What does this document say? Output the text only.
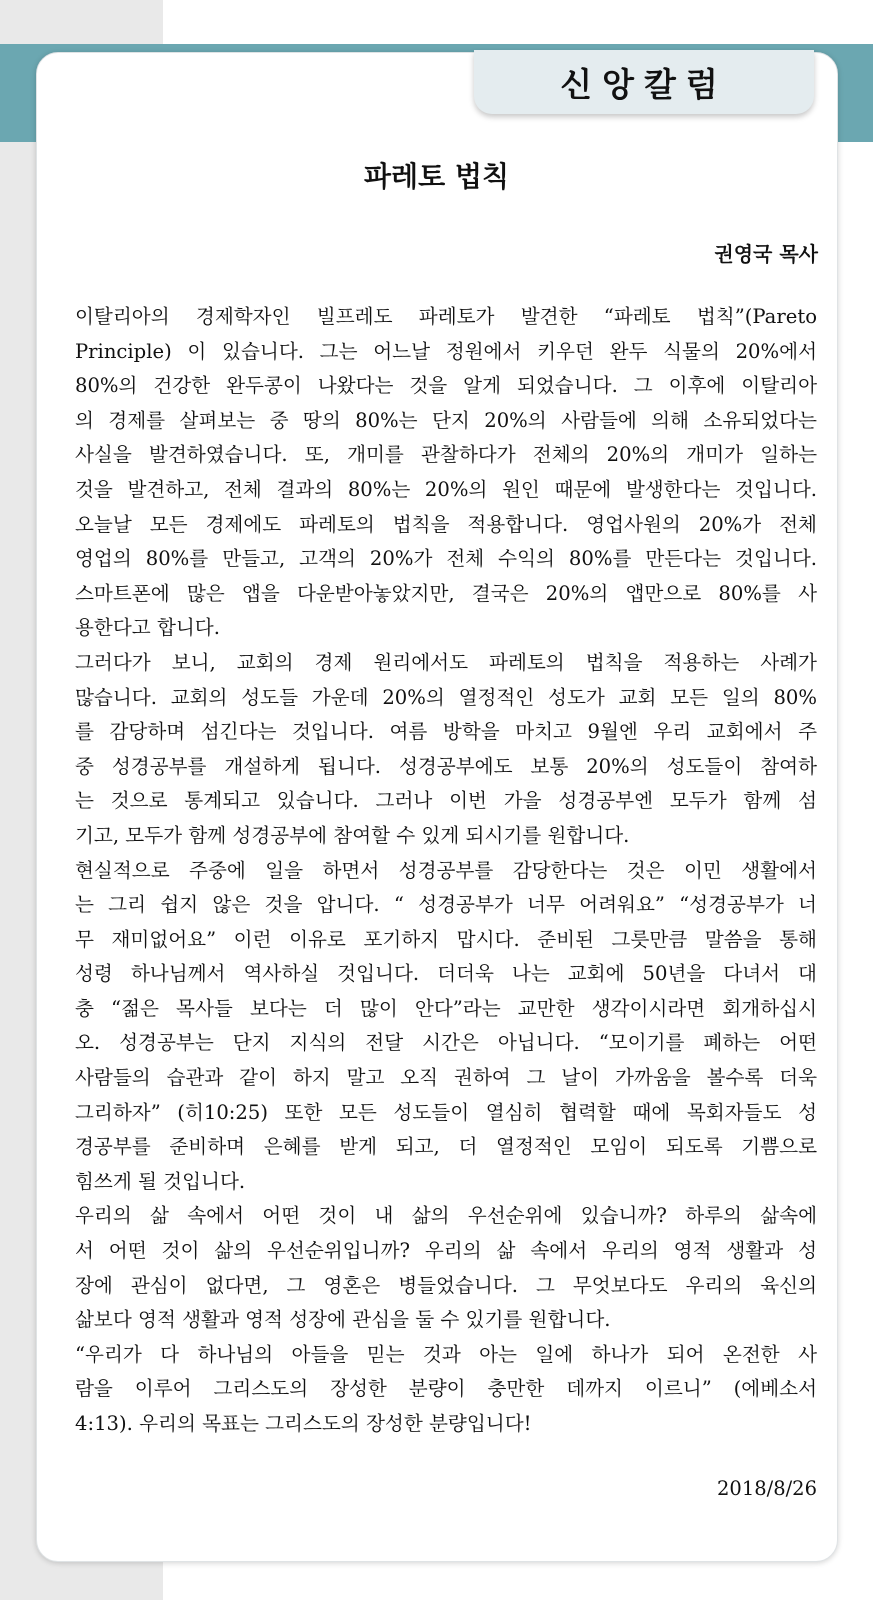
신앙칼럼
파레토 법칙
권영국 목사
이탈리아의 경제학자인 빌프레도 파레토가 발견한 “파레토 법칙”(Pareto
Principle) 이 있습니다. 그는 어느날 정원에서 키우던 완두 식물의 20%에서
80%의 건강한 완두콩이 나왔다는 것을 알게 되었습니다. 그 이후에 이탈리아
의 경제를 살펴보는 중 땅의 80%는 단지 20%의 사람들에 의해 소유되었다는
사실을 발견하였습니다. 또, 개미를 관찰하다가 전체의 20%의 개미가 일하는
것을 발견하고, 전체 결과의 80%는 20%의 원인 때문에 발생한다는 것입니다.
오늘날 모든 경제에도 파레토의 법칙을 적용합니다. 영업사원의 20%가 전체
영업의 80%를 만들고, 고객의 20%가 전체 수익의 80%를 만든다는 것입니다.
스마트폰에 많은 앱을 다운받아놓았지만, 결국은 20%의 앱만으로 80%를 사
용한다고 합니다.
그러다가 보니, 교회의 경제 원리에서도 파레토의 법칙을 적용하는 사례가
많습니다. 교회의 성도들 가운데 20%의 열정적인 성도가 교회 모든 일의 80%
를 감당하며 섬긴다는 것입니다. 여름 방학을 마치고 9월엔 우리 교회에서 주
중 성경공부를 개설하게 됩니다. 성경공부에도 보통 20%의 성도들이 참여하
는 것으로 통계되고 있습니다. 그러나 이번 가을 성경공부엔 모두가 함께 섬
기고, 모두가 함께 성경공부에 참여할 수 있게 되시기를 원합니다.
현실적으로 주중에 일을 하면서 성경공부를 감당한다는 것은 이민 생활에서
는 그리 쉽지 않은 것을 압니다. “ 성경공부가 너무 어려워요” “성경공부가 너
무 재미없어요” 이런 이유로 포기하지 맙시다. 준비된 그릇만큼 말씀을 통해
성령 하나님께서 역사하실 것입니다. 더더욱 나는 교회에 50년을 다녀서 대
충 “젊은 목사들 보다는 더 많이 안다”라는 교만한 생각이시라면 회개하십시
오. 성경공부는 단지 지식의 전달 시간은 아닙니다. “모이기를 폐하는 어떤
사람들의 습관과 같이 하지 말고 오직 권하여 그 날이 가까움을 볼수록 더욱
그리하자” (히10:25) 또한 모든 성도들이 열심히 협력할 때에 목회자들도 성
경공부를 준비하며 은혜를 받게 되고, 더 열정적인 모임이 되도록 기쁨으로
힘쓰게 될 것입니다.
우리의 삶 속에서 어떤 것이 내 삶의 우선순위에 있습니까? 하루의 삶속에
서 어떤 것이 삶의 우선순위입니까? 우리의 삶 속에서 우리의 영적 생활과 성
장에 관심이 없다면, 그 영혼은 병들었습니다. 그 무엇보다도 우리의 육신의
삶보다 영적 생활과 영적 성장에 관심을 둘 수 있기를 원합니다.
“우리가 다 하나님의 아들을 믿는 것과 아는 일에 하나가 되어 온전한 사
람을 이루어 그리스도의 장성한 분량이 충만한 데까지 이르니” (에베소서
4:13). 우리의 목표는 그리스도의 장성한 분량입니다!
2018/8/26
